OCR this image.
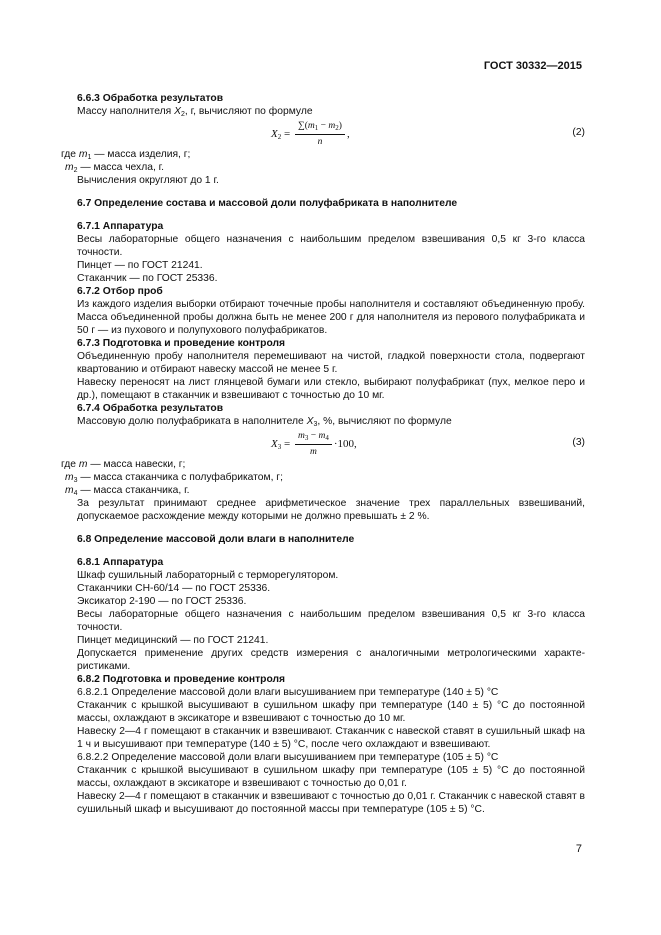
ГОСТ 30332—2015
6.6.3 Обработка результатов
Массу наполнителя $X_2$, г, вычисляют по формуле
$X_2 = \frac{\sum(m_1 - m_2)}{n}$ ,	(2)
где $m_1$ — масса изделия, г;
$m_2$ — масса чехла, г.
Вычисления округляют до 1 г.
6.7 Определение состава и массовой доли полуфабриката в наполнителе
6.7.1 Аппаратура
Весы лабораторные общего назначения с наибольшим пределом взвешивания 0,5 кг 3-го класса точности.
Пинцет — по ГОСТ 21241.
Стаканчик — по ГОСТ 25336.
6.7.2 Отбор проб
Из каждого изделия выборки отбирают точечные пробы наполнителя и составляют объединенную пробу. Масса объединенной пробы должна быть не менее 200 г для наполнителя из перового полуфабриката и 50 г — из пухового и полупухового полуфабрикатов.
6.7.3 Подготовка и проведение контроля
Объединенную пробу наполнителя перемешивают на чистой, гладкой поверхности стола, подвергают квартованию и отбирают навеску массой не менее 5 г.
Навеску переносят на лист глянцевой бумаги или стекло, выбирают полуфабрикат (пух, мелкое перо и др.), помещают в стаканчик и взвешивают с точностью до 10 мг.
6.7.4 Обработка результатов
Массовую долю полуфабриката в наполнителе $X_3$, %, вычисляют по формуле
$X_3 = \frac{m_3 - m_4}{m} \cdot 100$,	(3)
где m — масса навески, г;
$m_3$ — масса стаканчика с полуфабрикатом, г;
$m_4$ — масса стаканчика, г.
За результат принимают среднее арифметическое значение трех параллельных взвешиваний, допускаемое расхождение между которыми не должно превышать ± 2 %.
6.8 Определение массовой доли влаги в наполнителе
6.8.1 Аппаратура
Шкаф сушильный лабораторный с терморегулятором.
Стаканчики СН-60/14 — по ГОСТ 25336.
Эксикатор 2-190 — по ГОСТ 25336.
Весы лабораторные общего назначения с наибольшим пределом взвешивания 0,5 кг 3-го класса точности.
Пинцет медицинский — по ГОСТ 21241.
Допускается применение других средств измерения с аналогичными метрологическими характе-ристиками.
6.8.2 Подготовка и проведение контроля
6.8.2.1 Определение массовой доли влаги высушиванием при температуре (140 ± 5) °С
Стаканчик с крышкой высушивают в сушильном шкафу при температуре (140 ± 5) °С до постоянной массы, охлаждают в эксикаторе и взвешивают с точностью до 10 мг.
Навеску 2—4 г помещают в стаканчик и взвешивают. Стаканчик с навеской ставят в сушильный шкаф на 1 ч и высушивают при температуре (140 ± 5) °С, после чего охлаждают и взвешивают.
6.8.2.2 Определение массовой доли влаги высушиванием при температуре (105 ± 5) °С
Стаканчик с крышкой высушивают в сушильном шкафу при температуре (105 ± 5) °С до постоянной массы, охлаждают в эксикаторе и взвешивают с точностью до 0,01 г.
Навеску 2—4 г помещают в стаканчик и взвешивают с точностью до 0,01 г. Стаканчик с навеской ставят в сушильный шкаф и высушивают до постоянной массы при температуре (105 ± 5) °С.
7
